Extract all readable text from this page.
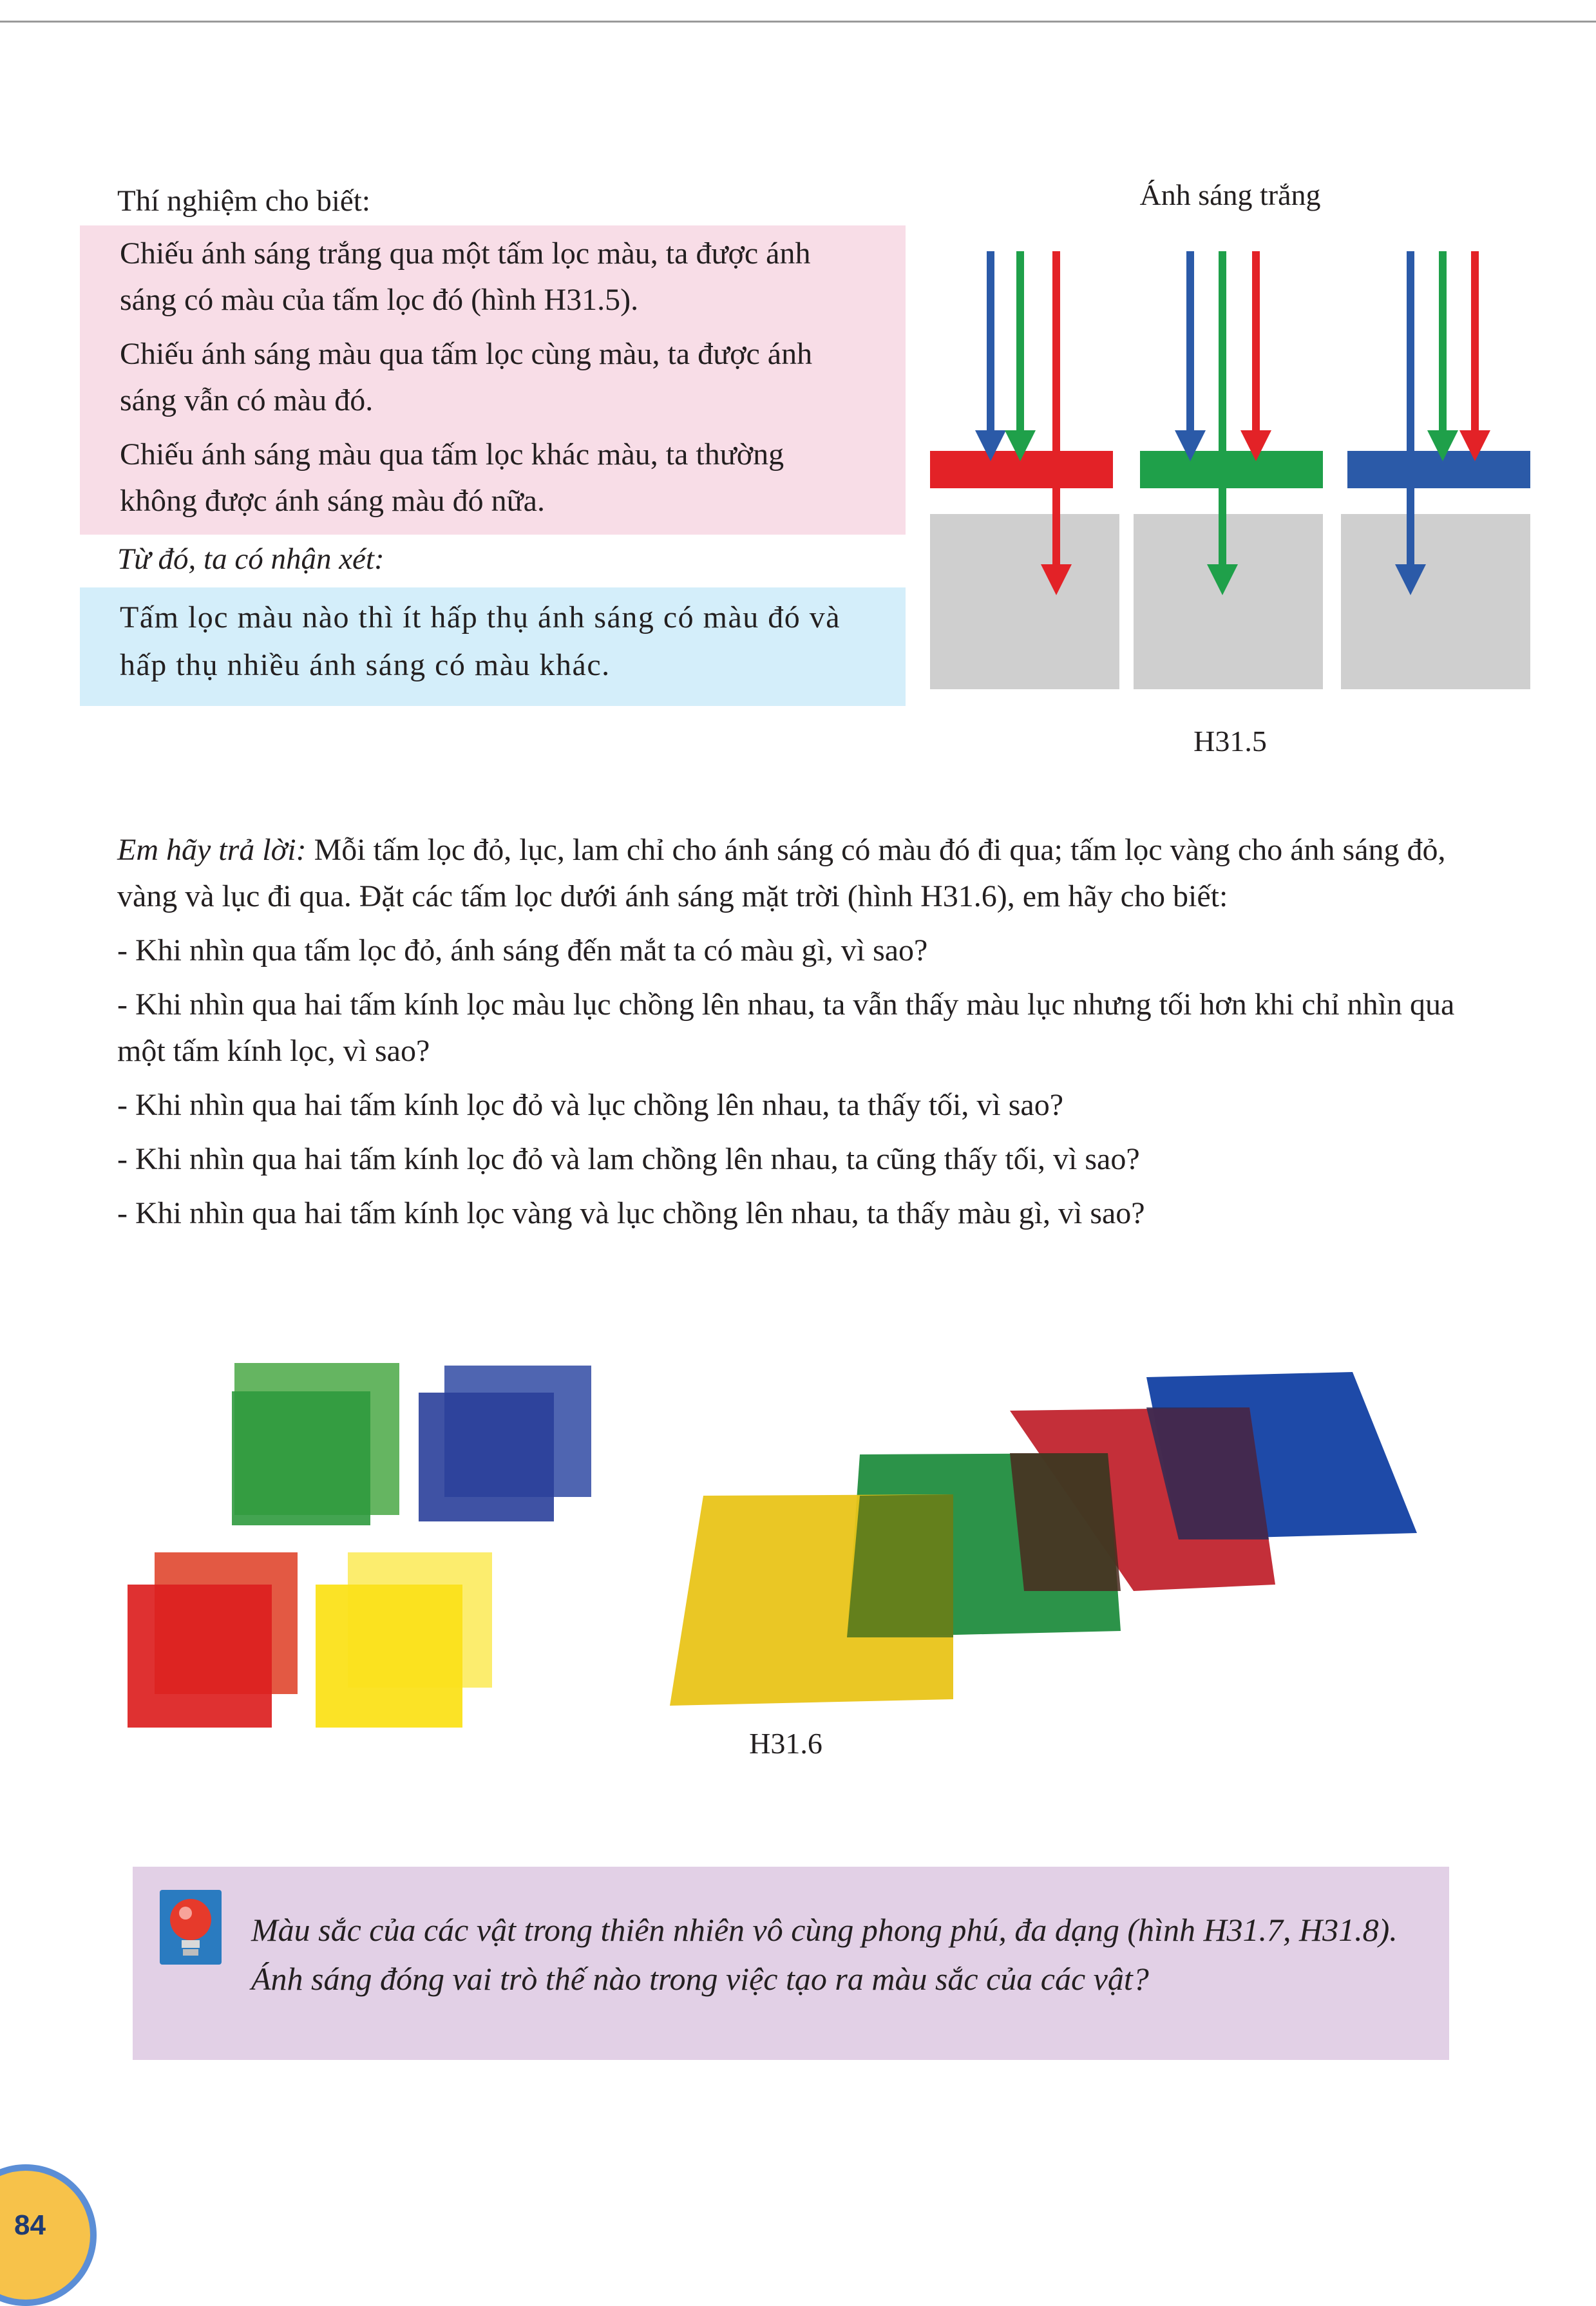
Thí nghiệm cho biết:

Chiếu ánh sáng trắng qua một tấm lọc màu, ta được ánh sáng có màu của tấm lọc đó (hình H31.5).

Chiếu ánh sáng màu qua tấm lọc cùng màu, ta được ánh sáng vẫn có màu đó.

Chiếu ánh sáng màu qua tấm lọc khác màu, ta thường không được ánh sáng màu đó nữa.

Từ đó, ta có nhận xét:
Tấm lọc màu nào thì ít hấp thụ ánh sáng có màu đó và hấp thụ nhiều ánh sáng có màu khác.
Ánh sáng trắng
H31.5

Em hãy trả lời: Mỗi tấm lọc đỏ, lục, lam chỉ cho ánh sáng có màu đó đi qua; tấm lọc vàng cho ánh sáng đỏ, vàng và lục đi qua. Đặt các tấm lọc dưới ánh sáng mặt trời (hình H31.6), em hãy cho biết:

- Khi nhìn qua tấm lọc đỏ, ánh sáng đến mắt ta có màu gì, vì sao?

- Khi nhìn qua hai tấm kính lọc màu lục chồng lên nhau, ta vẫn thấy màu lục nhưng tối hơn khi chỉ nhìn qua một tấm kính lọc, vì sao?

- Khi nhìn qua hai tấm kính lọc đỏ và lục chồng lên nhau, ta thấy tối, vì sao?

- Khi nhìn qua hai tấm kính lọc đỏ và lam chồng lên nhau, ta cũng thấy tối, vì sao?

- Khi nhìn qua hai tấm kính lọc vàng và lục chồng lên nhau, ta thấy màu gì, vì sao?

H31.6
Màu sắc của các vật trong thiên nhiên vô cùng phong phú, đa dạng (hình H31.7, H31.8). Ánh sáng đóng vai trò thế nào trong việc tạo ra màu sắc của các vật?
84
